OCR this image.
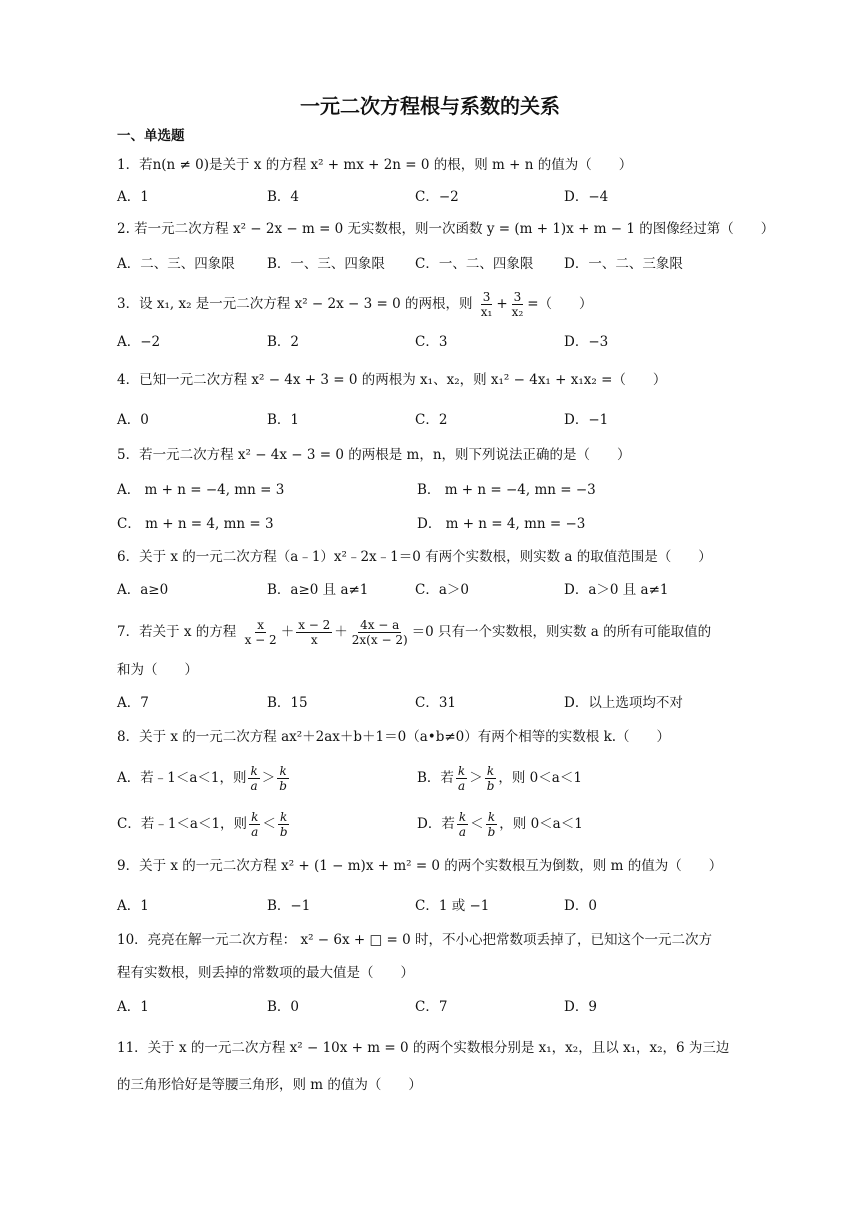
一元二次方程根与系数的关系
一、单选题
1．若n(n ≠ 0)是关于 x 的方程 x² + mx + 2n = 0 的根，则 m + n 的值为（　　）
A．1	B．4	C．−2	D．−4
2. 若一元二次方程 x² − 2x − m = 0 无实数根，则一次函数 y = (m + 1)x + m − 1 的图像经过第（　　）
A．二、三、四象限 B．一、三、四象限 C．一、二、四象限 D．一、二、三象限
3．设 x₁, x₂ 是一元二次方程 x² − 2x − 3 = 0 的两根，则 $\frac{3}{\text{x₁}} + \frac{3}{\text{x₂}}$ =（　　）
A．−2	B．2	C．3	D．−3
4．已知一元二次方程 x² − 4x + 3 = 0 的两根为 x₁、x₂，则 x₁² − 4x₁ + x₁x₂ =（　　）
A．0	B．1	C．2	D．−1
5．若一元二次方程 x² − 4x − 3 = 0 的两根是 m，n，则下列说法正确的是（　　）
A． m + n = −4, mn = 3	B． m + n = −4, mn = −3
C． m + n = 4, mn = 3	D． m + n = 4, mn = −3
6．关于 x 的一元二次方程（a﹣1）x²﹣2x﹣1＝0 有两个实数根，则实数 a 的取值范围是（　　）
A．a≥0	B．a≥0 且 a≠1	C．a＞0	D．a＞0 且 a≠1
7．若关于 x 的方程 $\frac{x}{x - 2} + \frac{x - 2}{x} + \frac{4x - a}{2x(x - 2)} =0$ 只有一个实数根，则实数 a 的所有可能取值的
和为（　　）
A．7	B．15	C．31	D．以上选项均不对
8．关于 x 的一元二次方程 ax²＋2ax＋b＋1＝0（a•b≠0）有两个相等的实数根 k.（　　）
A．若﹣1＜a＜1，则 $\frac{k}{a} > \frac{k}{b}$	B．若 $\frac{k}{a} > \frac{k}{b}$ ，则 0＜a＜1
C．若﹣1＜a＜1，则 $\frac{k}{a} < \frac{k}{b}$	D．若 $\frac{k}{a} < \frac{k}{b}$ ，则 0＜a＜1
9．关于 x 的一元二次方程 x² + (1 − m)x + m² = 0 的两个实数根互为倒数，则 m 的值为（　　）
A．1	B．−1	C．1 或 −1	D．0
10．亮亮在解一元二次方程： x² − 6x + □ = 0 时，不小心把常数项丢掉了，已知这个一元二次方
程有实数根，则丢掉的常数项的最大值是（　　）
A．1	B．0	C．7	D．9
11．关于 x 的一元二次方程 x² − 10x + m = 0 的两个实数根分别是 x₁，x₂，且以 x₁，x₂，6 为三边
的三角形恰好是等腰三角形，则 m 的值为（　　）
